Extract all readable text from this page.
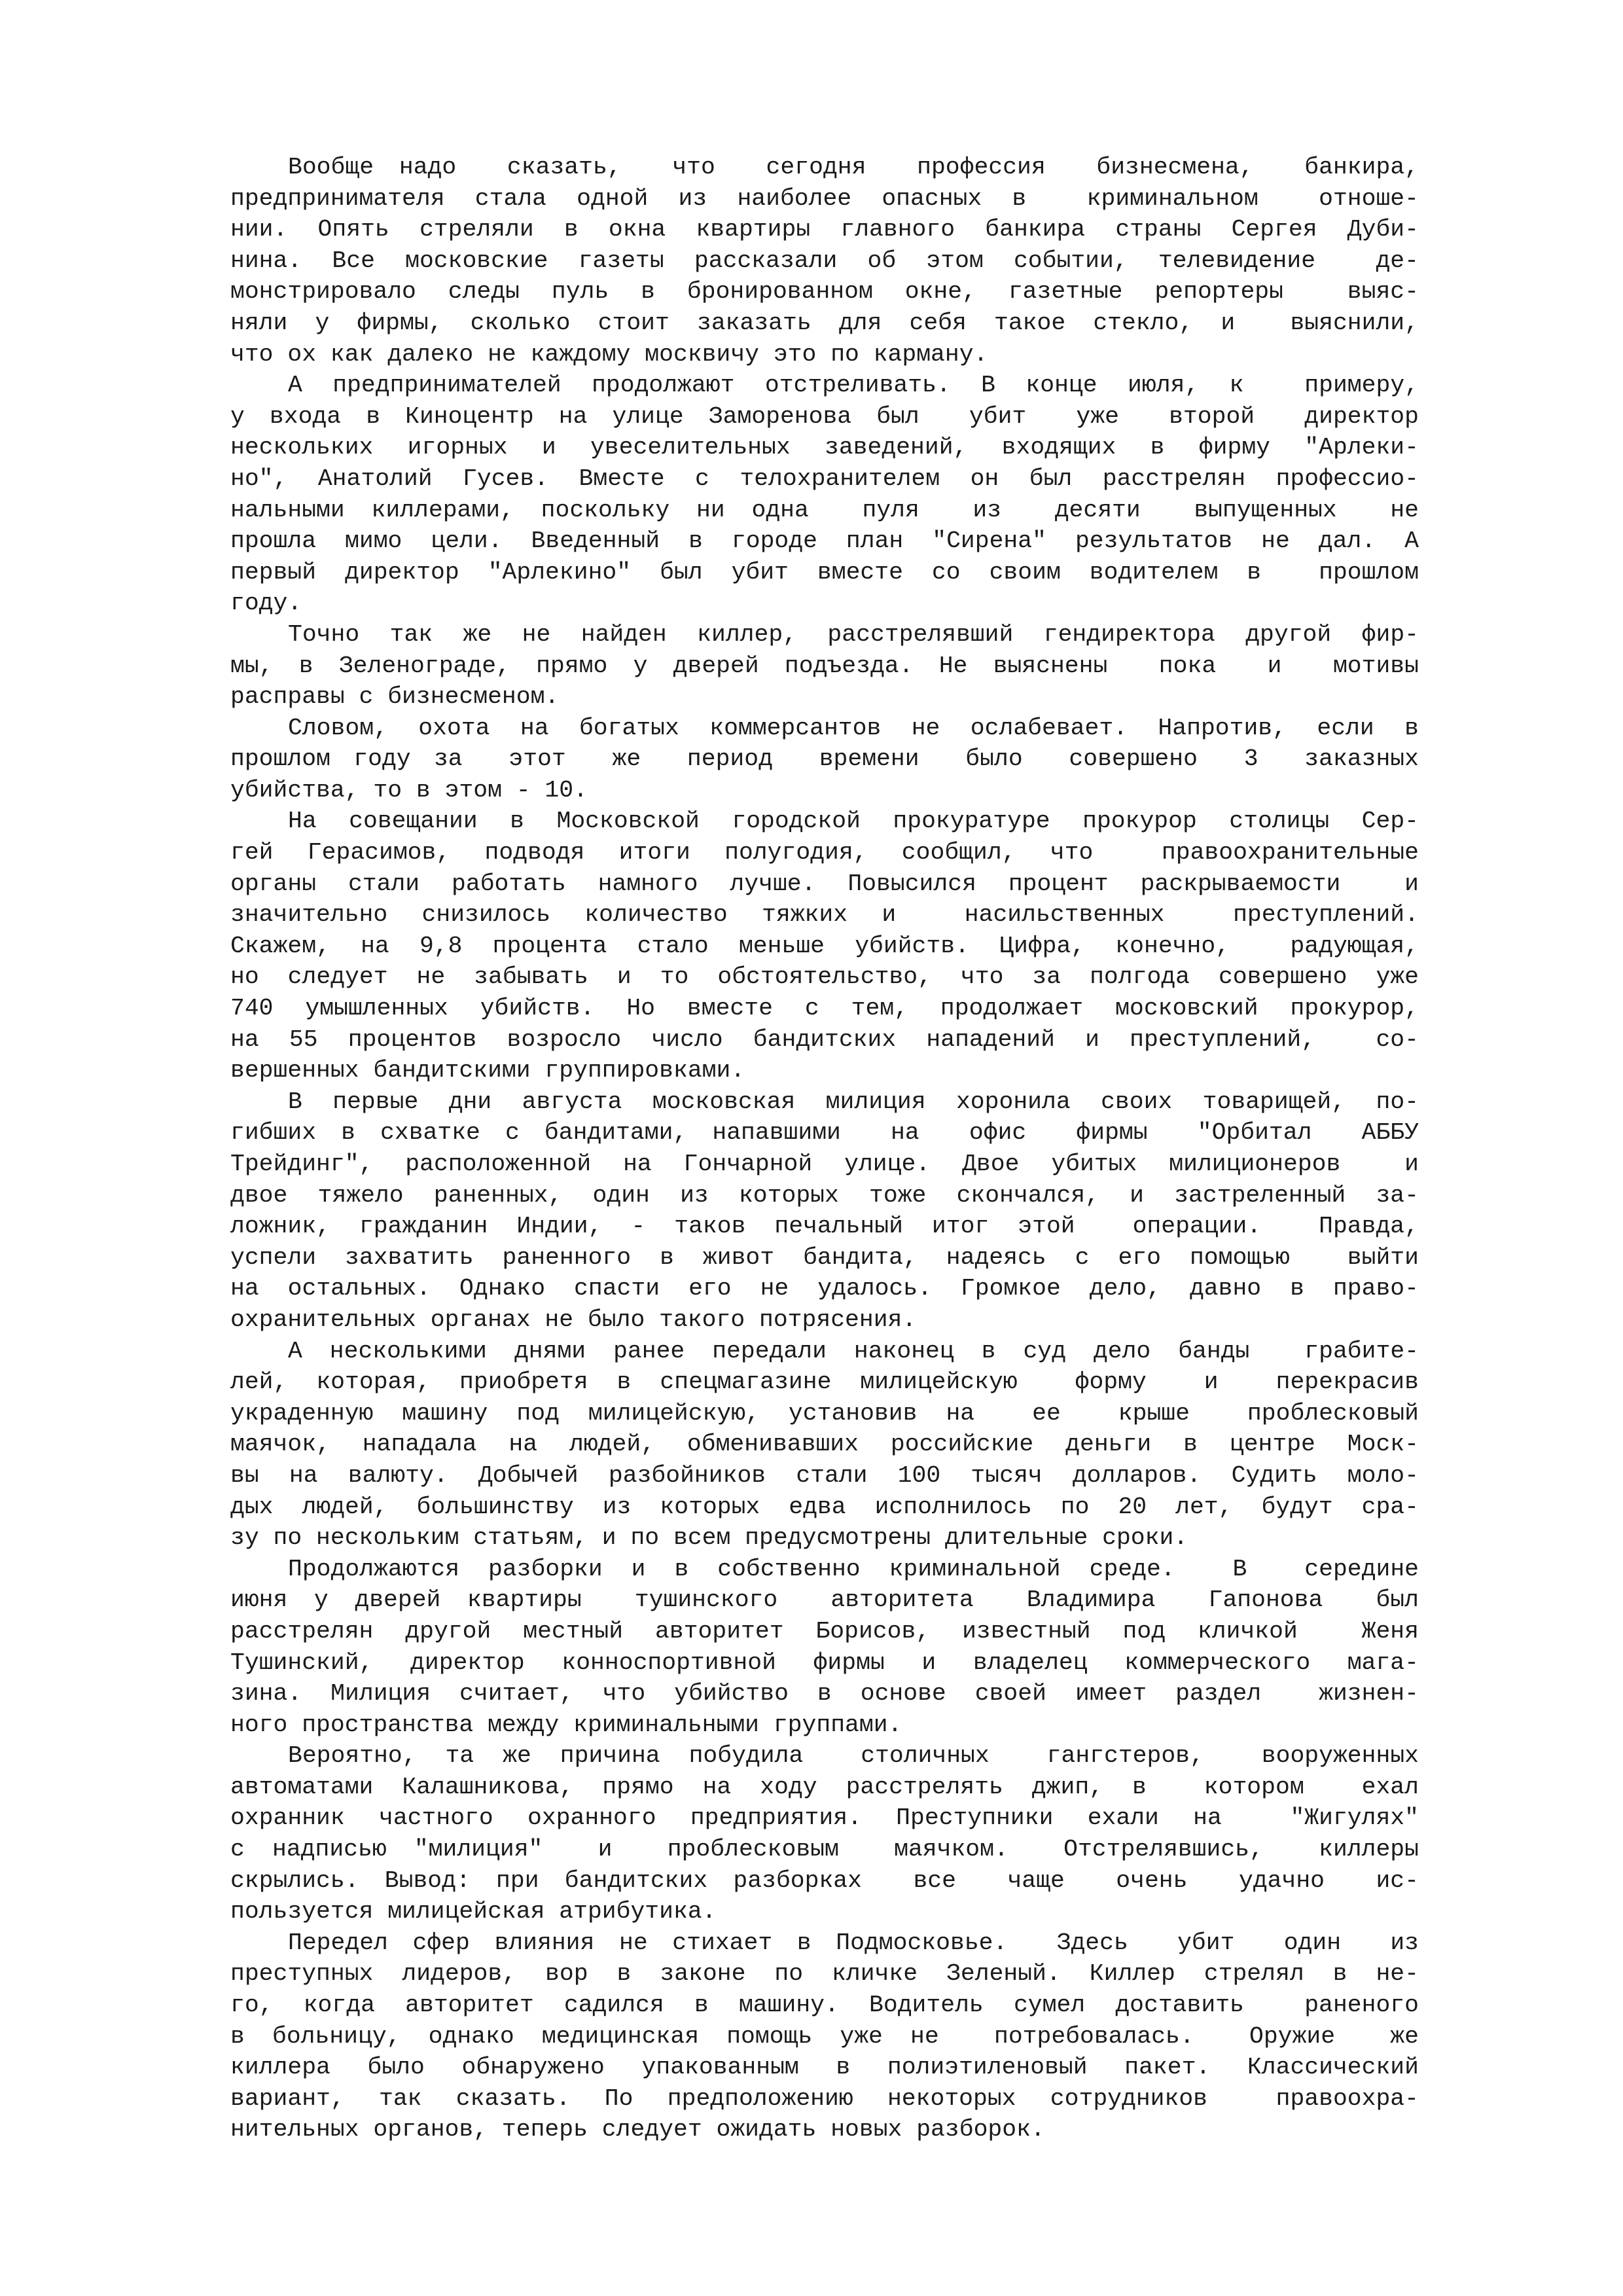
Вообще надо  сказать,  что  сегодня  профессия  бизнесмена,  банкира,
предпринимателя стала одной из наиболее опасных в  криминальном  отноше-
нии. Опять стреляли в окна квартиры главного банкира страны Сергея Дуби-
нина. Все московские газеты рассказали об этом событии, телевидение  де-
монстрировало следы пуль в бронированном окне, газетные репортеры  выяс-
няли у фирмы, сколько стоит заказать для себя такое стекло, и  выяснили,
что ох как далеко не каждому москвичу это по карману.
А предпринимателей продолжают отстреливать. В конце июля, к  примеру,
у входа в Киноцентр на улице Заморенова был  убит  уже  второй  директор
нескольких игорных и увеселительных заведений, входящих в фирму "Арлеки-
но", Анатолий Гусев. Вместе с телохранителем он был расстрелян профессио-
нальными киллерами, поскольку ни одна  пуля  из  десяти  выпущенных  не
прошла мимо цели. Введенный в городе план "Сирена" результатов не дал. А
первый директор "Арлекино" был убит вместе со своим водителем в  прошлом
году.
Точно так же не найден киллер, расстрелявший гендиректора другой фир-
мы, в Зеленограде, прямо у дверей подъезда. Не выяснены  пока  и  мотивы
расправы с бизнесменом.
Словом, охота на богатых коммерсантов не ослабевает. Напротив, если в
прошлом году за  этот  же  период  времени  было  совершено  3  заказных
убийства, то в этом - 10.
На совещании в Московской городской прокуратуре прокурор столицы Сер-
гей Герасимов, подводя итоги полугодия, сообщил, что  правоохранительные
органы стали работать намного лучше. Повысился процент раскрываемости  и
значительно снизилось количество тяжких и  насильственных  преступлений.
Скажем, на 9,8 процента стало меньше убийств. Цифра, конечно,  радующая,
но следует не забывать и то обстоятельство, что за полгода совершено уже
740 умышленных убийств. Но вместе с тем, продолжает московский прокурор,
на 55 процентов возросло число бандитских нападений и преступлений,  со-
вершенных бандитскими группировками.
В первые дни августа московская милиция хоронила своих товарищей, по-
гибших в схватке с бандитами, напавшими  на  офис  фирмы  "Орбитал  АББУ
Трейдинг", расположенной на Гончарной улице. Двое убитых милиционеров  и
двое тяжело раненных, один из которых тоже скончался, и застреленный за-
ложник, гражданин Индии, - таков печальный итог этой  операции.  Правда,
успели захватить раненного в живот бандита, надеясь с его помощью  выйти
на остальных. Однако спасти его не удалось. Громкое дело, давно в право-
охранительных органах не было такого потрясения.
А несколькими днями ранее передали наконец в суд дело банды  грабите-
лей, которая, приобретя в спецмагазине милицейскую  форму  и  перекрасив
украденную машину под милицейскую, установив на  ее  крыше  проблесковый
маячок, нападала на людей, обменивавших российские деньги в центре Моск-
вы на валюту. Добычей разбойников стали 100 тысяч долларов. Судить моло-
дых людей, большинству из которых едва исполнилось по 20 лет, будут сра-
зу по нескольким статьям, и по всем предусмотрены длительные сроки.
Продолжаются разборки и в собственно криминальной среде.  В  середине
июня у дверей квартиры  тушинского  авторитета  Владимира  Гапонова  был
расстрелян другой местный авторитет Борисов, известный под кличкой  Женя
Тушинский, директор конноспортивной фирмы и владелец коммерческого мага-
зина. Милиция считает, что убийство в основе своей имеет раздел  жизнен-
ного пространства между криминальными группами.
Вероятно, та же причина побудила  столичных  гангстеров,  вооруженных
автоматами Калашникова, прямо на ходу расстрелять джип, в  котором  ехал
охранник частного охранного предприятия. Преступники ехали на  "Жигулях"
с надписью "милиция"  и  проблесковым  маячком.  Отстрелявшись,  киллеры
скрылись. Вывод: при бандитских разборках  все  чаще  очень  удачно  ис-
пользуется милицейская атрибутика.
Передел сфер влияния не стихает в Подмосковье.  Здесь  убит  один  из
преступных лидеров, вор в законе по кличке Зеленый. Киллер стрелял в не-
го, когда авторитет садился в машину. Водитель сумел доставить  раненого
в больницу, однако медицинская помощь уже не  потребовалась.  Оружие  же
киллера было обнаружено упакованным в полиэтиленовый пакет. Классический
вариант, так сказать. По предположению некоторых сотрудников  правоохра-
нительных органов, теперь следует ожидать новых разборок.
